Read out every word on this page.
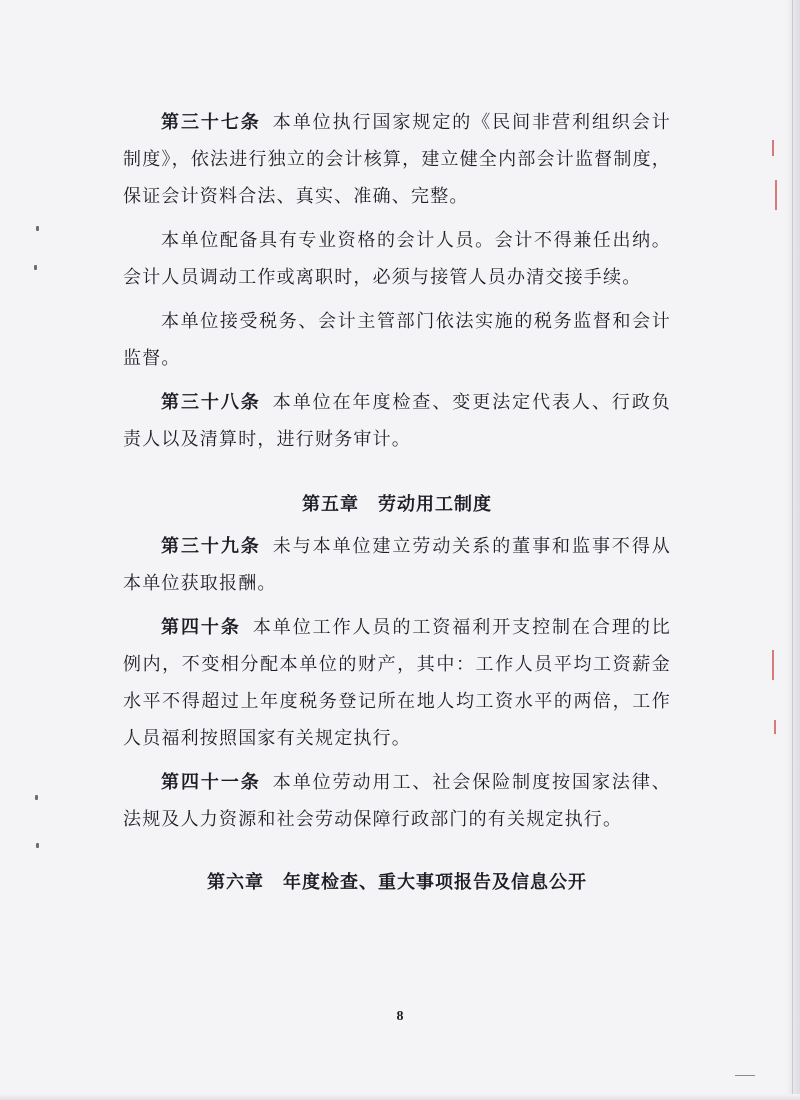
第三十七条 本单位执行国家规定的《民间非营利组织会计制度》，依法进行独立的会计核算，建立健全内部会计监督制度，保证会计资料合法、真实、准确、完整。

本单位配备具有专业资格的会计人员。会计不得兼任出纳。会计人员调动工作或离职时，必须与接管人员办清交接手续。

本单位接受税务、会计主管部门依法实施的税务监督和会计监督。

第三十八条 本单位在年度检查、变更法定代表人、行政负责人以及清算时，进行财务审计。

第五章　劳动用工制度

第三十九条 未与本单位建立劳动关系的董事和监事不得从本单位获取报酬。

第四十条 本单位工作人员的工资福利开支控制在合理的比例内，不变相分配本单位的财产，其中：工作人员平均工资薪金水平不得超过上年度税务登记所在地人均工资水平的两倍，工作人员福利按照国家有关规定执行。

第四十一条 本单位劳动用工、社会保险制度按国家法律、法规及人力资源和社会劳动保障行政部门的有关规定执行。

第六章　年度检查、重大事项报告及信息公开
8
